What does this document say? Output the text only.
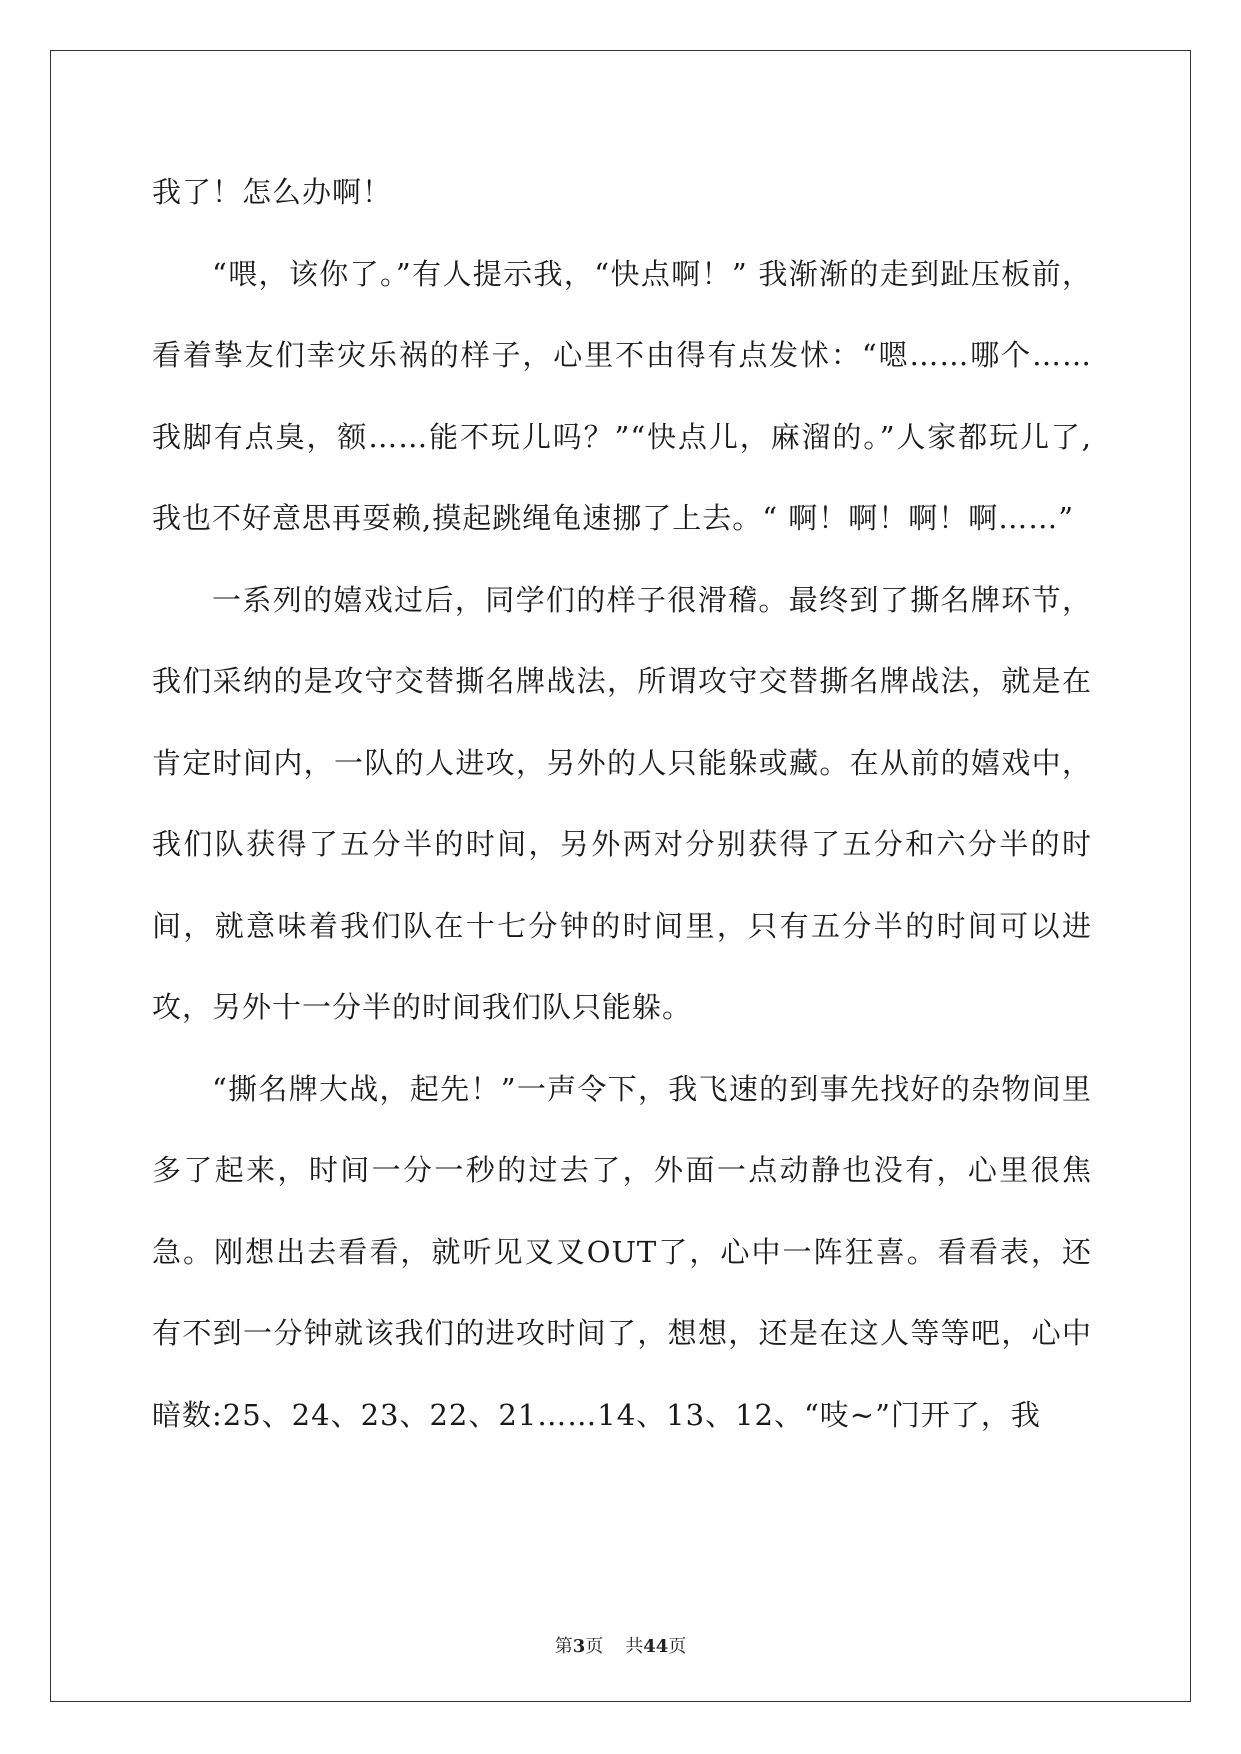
我了！怎么办啊！

“喂，该你了。”有人提示我，“快点啊！” 我渐渐的走到趾压板前，看着挚友们幸灾乐祸的样子，心里不由得有点发怵：“嗯……哪个……我脚有点臭，额……能不玩儿吗？”“快点儿，麻溜的。”人家都玩儿了,我也不好意思再耍赖,摸起跳绳龟速挪了上去。“ 啊！啊！啊！啊……”

一系列的嬉戏过后，同学们的样子很滑稽。最终到了撕名牌环节，我们采纳的是攻守交替撕名牌战法，所谓攻守交替撕名牌战法，就是在肯定时间内，一队的人进攻，另外的人只能躲或藏。在从前的嬉戏中，我们队获得了五分半的时间，另外两对分别获得了五分和六分半的时间，就意味着我们队在十七分钟的时间里，只有五分半的时间可以进攻，另外十一分半的时间我们队只能躲。

“撕名牌大战，起先！”一声令下，我飞速的到事先找好的杂物间里多了起来，时间一分一秒的过去了，外面一点动静也没有，心里很焦急。刚想出去看看，就听见叉叉OUT了，心中一阵狂喜。看看表，还有不到一分钟就该我们的进攻时间了，想想，还是在这人等等吧，心中暗数:25、24、23、22、21……14、13、12、“吱~”门开了，我

第3页 共44页
